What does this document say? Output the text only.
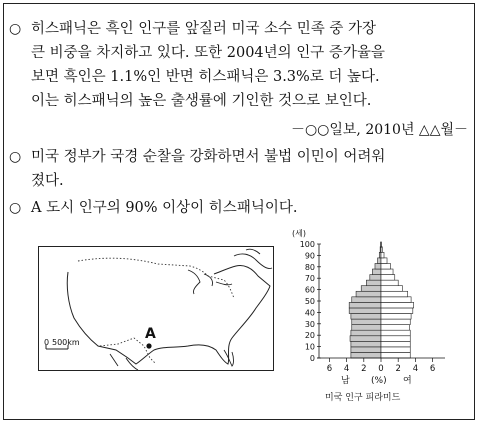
○ 히스패닉은 흑인 인구를 앞질러 미국 소수 민족 중 가장
큰 비중을 차지하고 있다. 또한 2004년의 인구 증가율을
보면 흑인은 1.1%인 반면 히스패닉은 3.3%로 더 높다.
이는 히스패닉의 높은 출생률에 기인한 것으로 보인다.
－○○일보, 2010년 △△월－
○ 미국 정부가 국경 순찰을 강화하면서 불법 이민이 어려워
졌다.
○ A 도시 인구의 90% 이상이 히스패닉이다.
A
0 500km
(세)
100
90
80
70
60
50
40
30
20
10
0
6 4 2 0 2 4 6
남 (%) 여
미국 인구 피라미드
